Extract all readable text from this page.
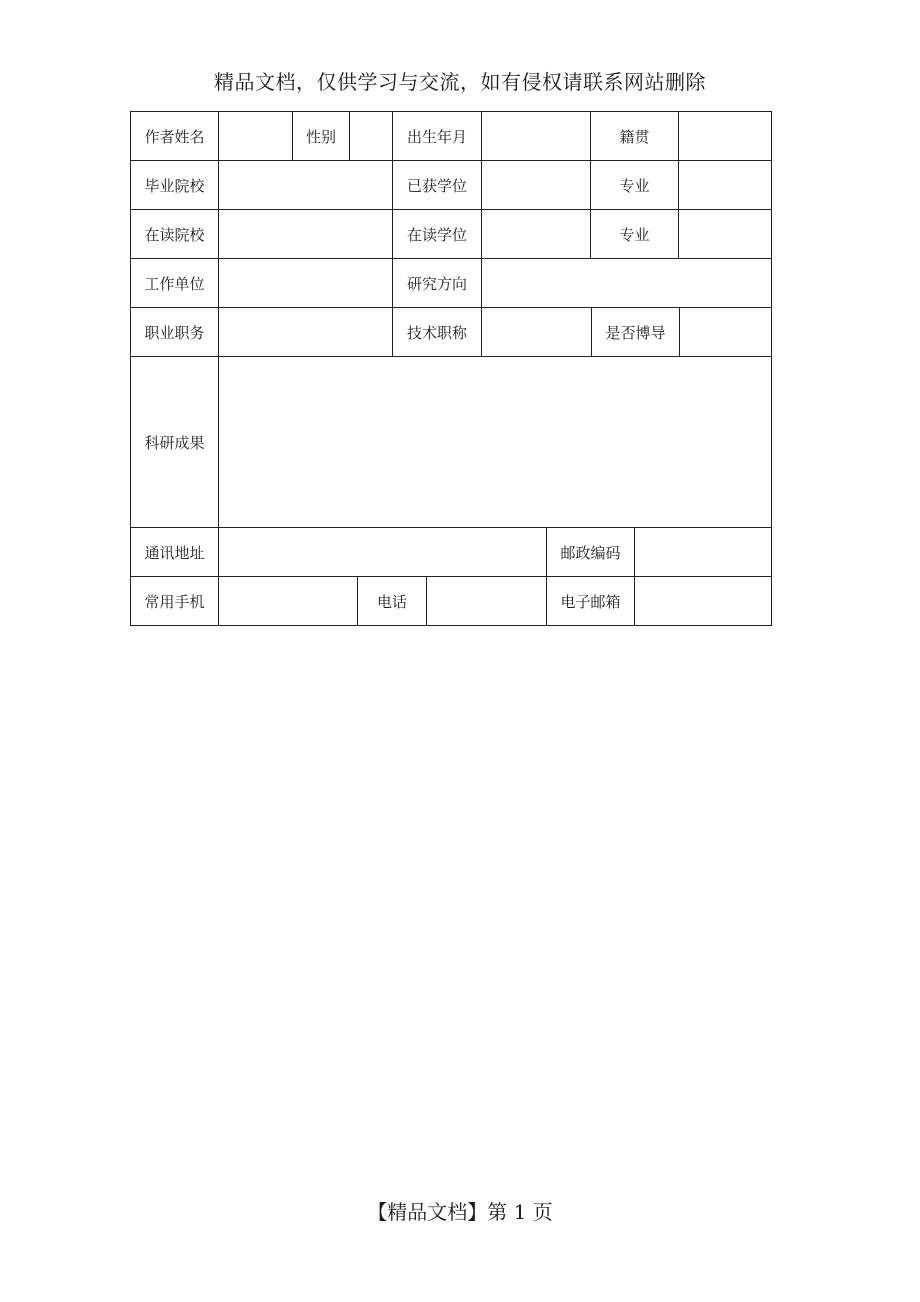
精品文档，仅供学习与交流，如有侵权请联系网站删除
作者姓名	性别	出生年月	籍贯
毕业院校	已获学位	专业
在读院校	在读学位	专业
工作单位	研究方向
职业职务	技术职称	是否博导
科研成果
通讯地址	邮政编码
常用手机	电话	电子邮箱
【精品文档】第 1 页
